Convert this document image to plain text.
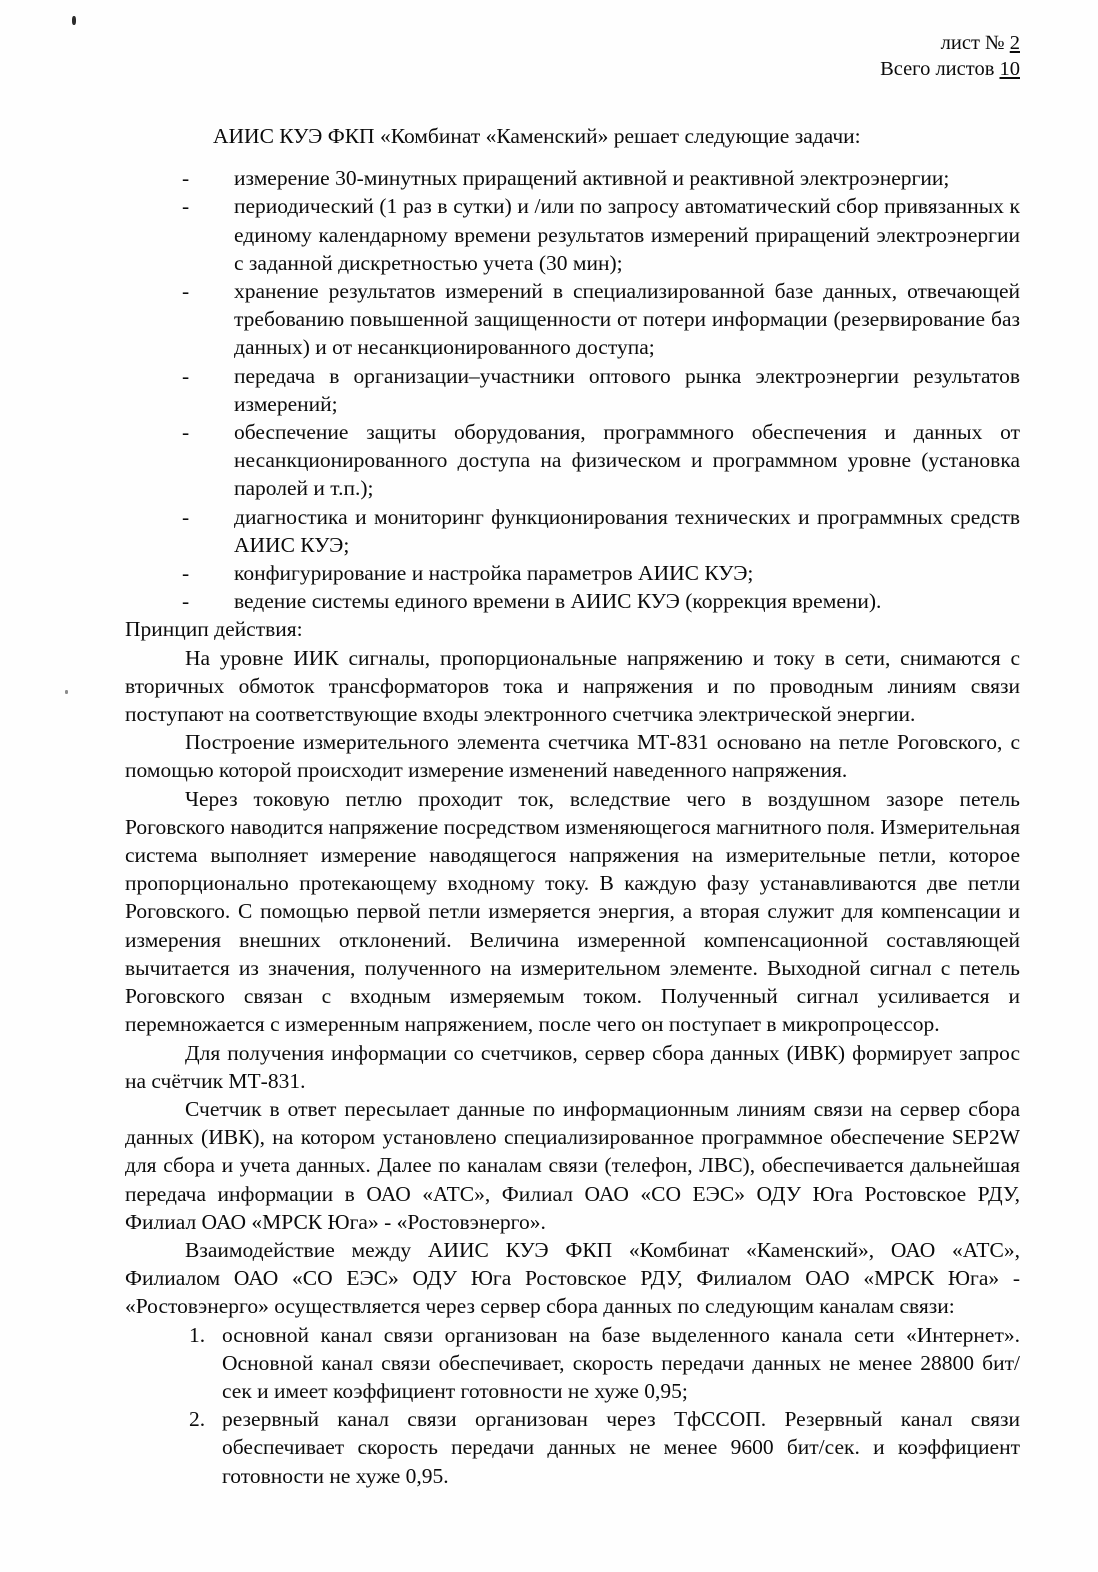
лист № 2
Всего листов 10
АИИС КУЭ ФКП «Комбинат «Каменский» решает следующие задачи:
- измерение 30-минутных приращений активной и реактивной электроэнергии;
- периодический (1 раз в сутки) и /или по запросу автоматический сбор привязанных к единому календарному времени результатов измерений приращений электроэнергии с заданной дискретностью учета (30 мин);
- хранение результатов измерений в специализированной базе данных, отвечающей требованию повышенной защищенности от потери информации (резервирование баз данных) и от несанкционированного доступа;
- передача в организации–участники оптового рынка электроэнергии результатов измерений;
- обеспечение защиты оборудования, программного обеспечения и данных от несанкционированного доступа на физическом и программном уровне (установка паролей и т.п.);
- диагностика и мониторинг функционирования технических и программных средств АИИС КУЭ;
- конфигурирование и настройка параметров АИИС КУЭ;
- ведение системы единого времени в АИИС КУЭ (коррекция времени).

Принцип действия:

На уровне ИИК сигналы, пропорциональные напряжению и току в сети, снимаются с вторичных обмоток трансформаторов тока и напряжения и по проводным линиям связи поступают на соответствующие входы электронного счетчика электрической энергии.

Построение измерительного элемента счетчика МТ-831 основано на петле Роговского, с помощью которой происходит измерение изменений наведенного напряжения.

Через токовую петлю проходит ток, вследствие чего в воздушном зазоре петель Роговского наводится напряжение посредством изменяющегося магнитного поля. Измерительная система выполняет измерение наводящегося напряжения на измерительные петли, которое пропорционально протекающему входному току. В каждую фазу устанавливаются две петли Роговского. С помощью первой петли измеряется энергия, а вторая служит для компенсации и измерения внешних отклонений. Величина измеренной компенсационной составляющей вычитается из значения, полученного на измерительном элементе. Выходной сигнал с петель Роговского связан с входным измеряемым током. Полученный сигнал усиливается и перемножается с измеренным напряжением, после чего он поступает в микропроцессор.

Для получения информации со счетчиков, сервер сбора данных (ИВК) формирует запрос на счётчик МТ-831.

Счетчик в ответ пересылает данные по информационным линиям связи на сервер сбора данных (ИВК), на котором установлено специализированное программное обеспечение SEP2W для сбора и учета данных. Далее по каналам связи (телефон, ЛВС), обеспечивается дальнейшая передача информации в ОАО «АТС», Филиал ОАО «СО ЕЭС» ОДУ Юга Ростовское РДУ, Филиал ОАО «МРСК Юга» - «Ростовэнерго».

Взаимодействие между АИИС КУЭ ФКП «Комбинат «Каменский», ОАО «АТС», Филиалом ОАО «СО ЕЭС» ОДУ Юга Ростовское РДУ, Филиалом ОАО «МРСК Юга» - «Ростовэнерго» осуществляется через сервер сбора данных по следующим каналам связи:

1. основной канал связи организован на базе выделенного канала сети «Интернет». Основной канал связи обеспечивает, скорость передачи данных не менее 28800 бит/сек и имеет коэффициент готовности не хуже 0,95;
2. резервный канал связи организован через ТфССОП. Резервный канал связи обеспечивает скорость передачи данных не менее 9600 бит/сек. и коэффициент готовности не хуже 0,95.
